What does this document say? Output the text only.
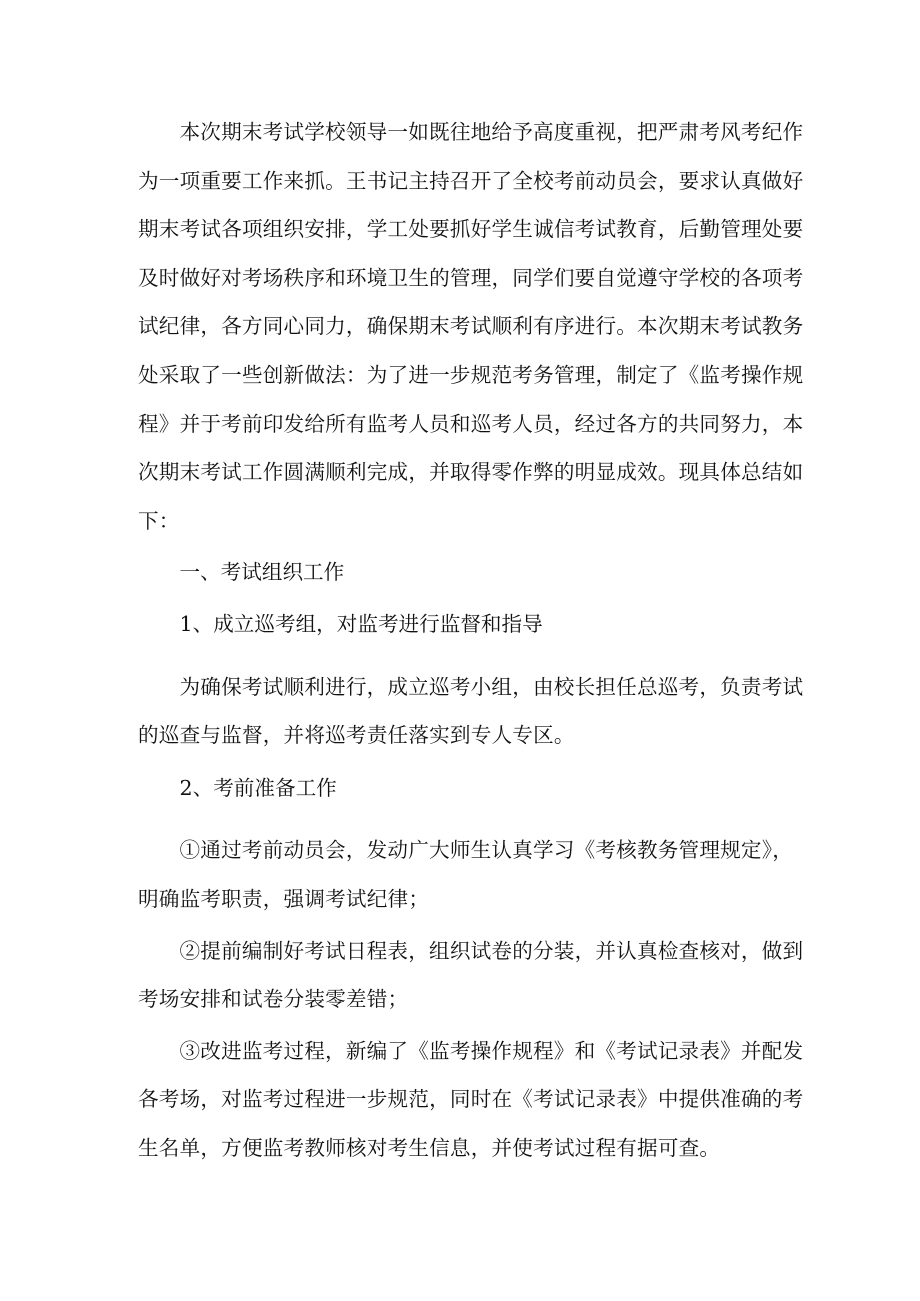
本次期末考试学校领导一如既往地给予高度重视，把严肃考风考纪作
为一项重要工作来抓。王书记主持召开了全校考前动员会，要求认真做好
期末考试各项组织安排，学工处要抓好学生诚信考试教育，后勤管理处要
及时做好对考场秩序和环境卫生的管理，同学们要自觉遵守学校的各项考
试纪律，各方同心同力，确保期末考试顺利有序进行。本次期末考试教务
处采取了一些创新做法：为了进一步规范考务管理，制定了《监考操作规
程》并于考前印发给所有监考人员和巡考人员，经过各方的共同努力，本
次期末考试工作圆满顺利完成，并取得零作弊的明显成效。现具体总结如
下：
一、考试组织工作
1、成立巡考组，对监考进行监督和指导
为确保考试顺利进行，成立巡考小组，由校长担任总巡考，负责考试
的巡查与监督，并将巡考责任落实到专人专区。
2、考前准备工作
①通过考前动员会，发动广大师生认真学习《考核教务管理规定》，
明确监考职责，强调考试纪律；
②提前编制好考试日程表，组织试卷的分装，并认真检查核对，做到
考场安排和试卷分装零差错；
③改进监考过程，新编了《监考操作规程》和《考试记录表》并配发
各考场，对监考过程进一步规范，同时在《考试记录表》中提供准确的考
生名单，方便监考教师核对考生信息，并使考试过程有据可查。
